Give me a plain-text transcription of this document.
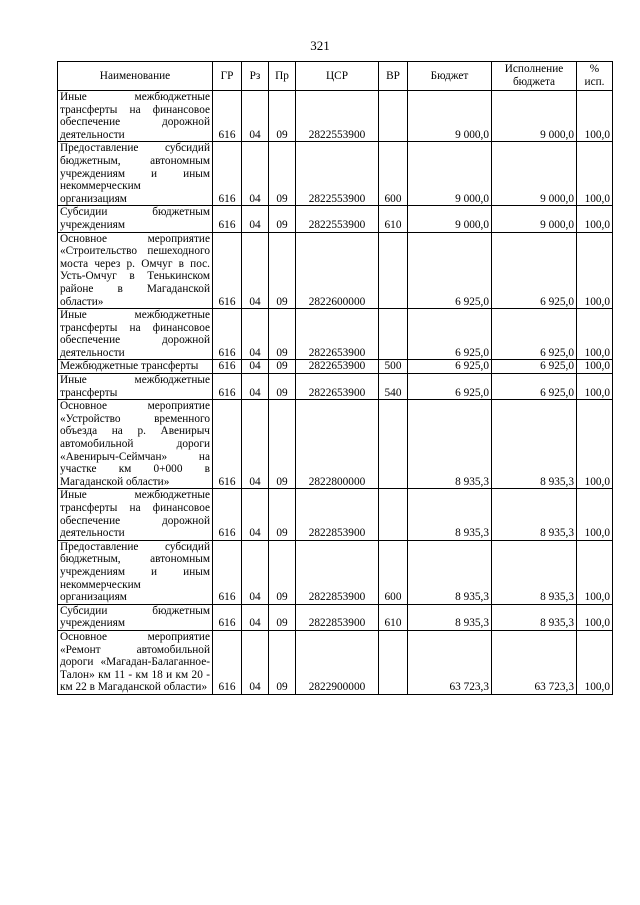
321
Наименование	ГР	Рз	Пр	ЦСР	ВР	Бюджет	Исполнение бюджета	% исп.
Иные межбюджетные трансферты на финансовое обеспечение дорожной деятельности	616	04	09	2822553900		9 000,0	9 000,0	100,0
Предоставление субсидий бюджетным, автономным учреждениям и иным некоммерческим организациям	616	04	09	2822553900	600	9 000,0	9 000,0	100,0
Субсидии бюджетным учреждениям	616	04	09	2822553900	610	9 000,0	9 000,0	100,0
Основное мероприятие «Строительство пешеходного моста через р. Омчуг в пос. Усть-Омчуг в Тенькинском районе в Магаданской области»	616	04	09	2822600000		6 925,0	6 925,0	100,0
Иные межбюджетные трансферты на финансовое обеспечение дорожной деятельности	616	04	09	2822653900		6 925,0	6 925,0	100,0
Межбюджетные трансферты	616	04	09	2822653900	500	6 925,0	6 925,0	100,0
Иные межбюджетные трансферты	616	04	09	2822653900	540	6 925,0	6 925,0	100,0
Основное мероприятие «Устройство временного объезда на р. Авенирыч автомобильной дороги «Авенирыч-Сеймчан» на участке км 0+000 в Магаданской области»	616	04	09	2822800000		8 935,3	8 935,3	100,0
Иные межбюджетные трансферты на финансовое обеспечение дорожной деятельности	616	04	09	2822853900		8 935,3	8 935,3	100,0
Предоставление субсидий бюджетным, автономным учреждениям и иным некоммерческим организациям	616	04	09	2822853900	600	8 935,3	8 935,3	100,0
Субсидии бюджетным учреждениям	616	04	09	2822853900	610	8 935,3	8 935,3	100,0
Основное мероприятие «Ремонт автомобильной дороги «Магадан-Балаганное-Талон» км 11 - км 18 и км 20 - км 22 в Магаданской области»	616	04	09	2822900000		63 723,3	63 723,3	100,0
